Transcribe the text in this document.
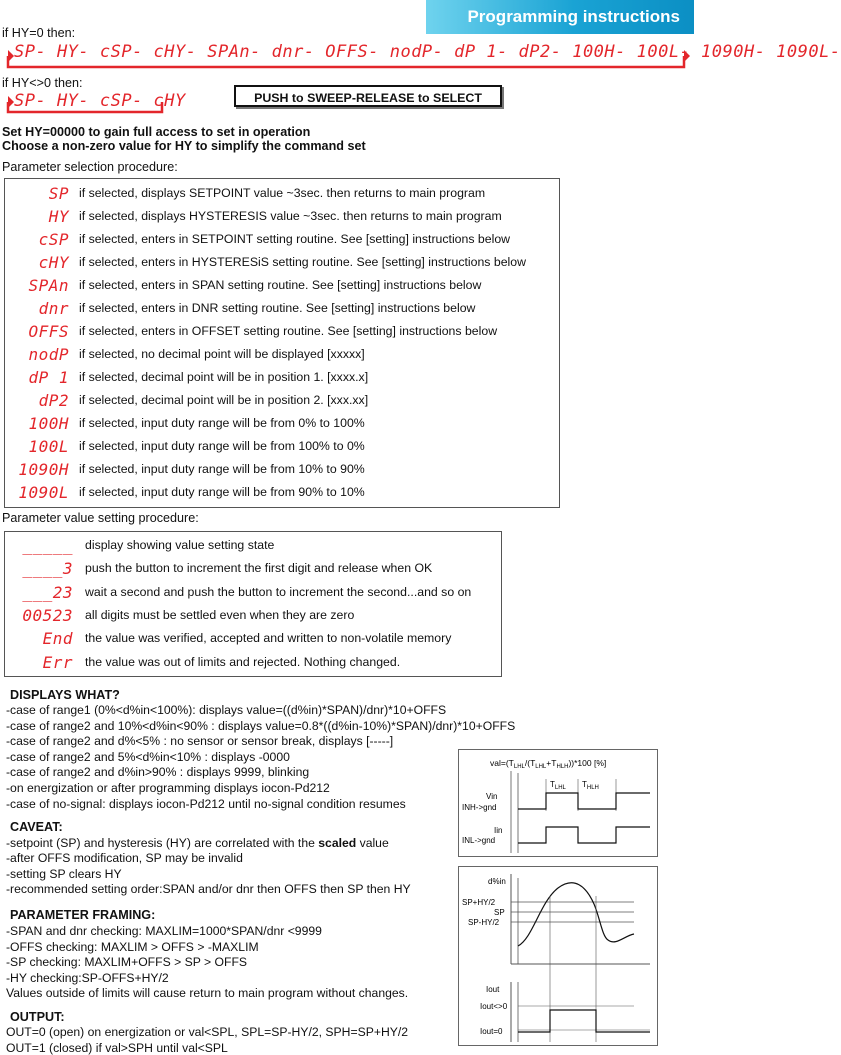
Programming instructions
if HY=0 then:
SP- HY- cSP- cHY- SPAn- dnr- OFFS- nodP- dP 1- dP2- 100H- 100L- 1090H- 1090L-
if HY<>0 then:
SP- HY- cSP- cHY	PUSH to SWEEP-RELEASE to SELECT
Set HY=00000 to gain full access to set in operation
Choose a non-zero value for HY to simplify the command set
Parameter selection procedure:
SP if selected, displays SETPOINT value ~3sec. then returns to main program
HY if selected, displays HYSTERESIS value ~3sec. then returns to main program
cSP if selected, enters in SETPOINT setting routine. See [setting] instructions below
cHY if selected, enters in HYSTERESiS setting routine. See [setting] instructions below
SPAn if selected, enters in SPAN setting routine. See [setting] instructions below
dnr if selected, enters in DNR setting routine. See [setting] instructions below
OFFS if selected, enters in OFFSET setting routine. See [setting] instructions below
nodP if selected, no decimal point will be displayed [xxxxx]
dP 1 if selected, decimal point will be in position 1. [xxxx.x]
dP2 if selected, decimal point will be in position 2. [xxx.xx]
100H if selected, input duty range will be from 0% to 100%
100L if selected, input duty range will be from 100% to 0%
1090H if selected, input duty range will be from 10% to 90%
1090L if selected, input duty range will be from 90% to 10%
Parameter value setting procedure:
_____ display showing value setting state
____3 push the button to increment the first digit and release when OK
___23 wait a second and push the button to increment the second...and so on
00523 all digits must be settled even when they are zero
End the value was verified, accepted and written to non-volatile memory
Err the value was out of limits and rejected. Nothing changed.
DISPLAYS WHAT?
-case of range1 (0%<d%in<100%): displays value=((d%in)*SPAN)/dnr)*10+OFFS
-case of range2 and 10%<d%in<90% : displays value=0.8*((d%in-10%)*SPAN)/dnr)*10+OFFS
-case of range2 and d%<5% : no sensor or sensor break, displays [-----]
-case of range2 and 5%<d%in<10% : displays -0000
-case of range2 and d%in>90% : displays 9999, blinking
-on energization or after programming displays iocon-Pd212
-case of no-signal: displays iocon-Pd212 until no-signal condition resumes
CAVEAT:
-setpoint (SP) and hysteresis (HY) are correlated with the scaled value
-after OFFS modification, SP may be invalid
-setting SP clears HY
-recommended setting order:SPAN and/or dnr then OFFS then SP then HY
PARAMETER FRAMING:
-SPAN and dnr checking: MAXLIM=1000*SPAN/dnr <9999
-OFFS checking: MAXLIM > OFFS > -MAXLIM
-SP checking: MAXLIM+OFFS > SP > OFFS
-HY checking:SP-OFFS+HY/2
Values outside of limits will cause return to main program without changes.
OUTPUT:
OUT=0 (open) on energization or val<SPL, SPL=SP-HY/2, SPH=SP+HY/2
OUT=1 (closed) if val>SPH until val<SPL
$val=(T_{LHL}/(T_{LHL}+T_{HLH}))*100$ [%]
$T_{LHL}$ $T_{HLH}$
Vin
INH->gnd
Iin
INL->gnd
d%in
SP+HY/2
SP
SP-HY/2
Iout
Iout<>0
Iout=0
